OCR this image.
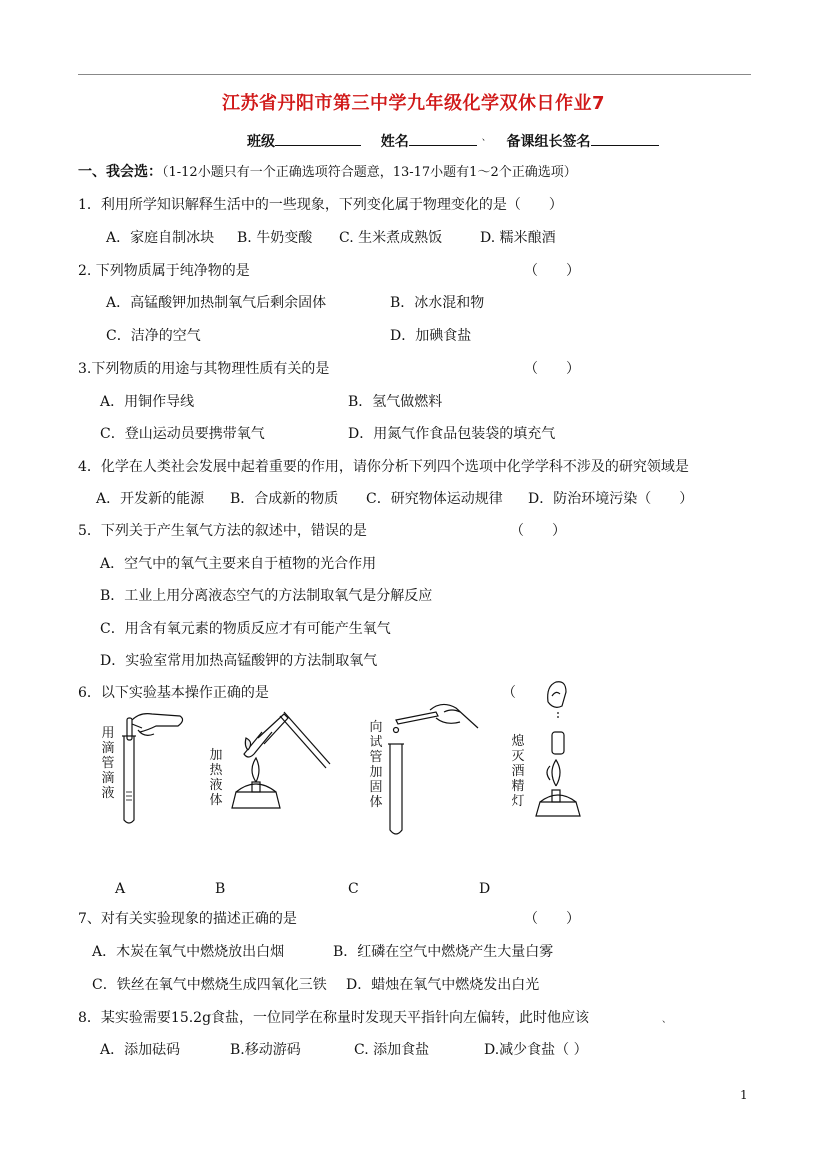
江苏省丹阳市第三中学九年级化学双休日作业7
班级	姓名	、 备课组长签名
一、我会选：（1-12小题只有一个正确选项符合题意，13-17小题有1～2个正确选项）
1．利用所学知识解释生活中的一些现象，下列变化属于物理变化的是（　　）
A．家庭自制冰块 B. 牛奶变酸 C. 生米煮成熟饭	D. 糯米酿酒
2. 下列物质属于纯净物的是	（　　）
A．高锰酸钾加热制氧气后剩余固体	B．冰水混和物
C．洁净的空气	D．加碘食盐
3.下列物质的用途与其物理性质有关的是	（　　）
A．用铜作导线	B．氢气做燃料
C．登山运动员要携带氧气	D．用氮气作食品包装袋的填充气
4．化学在人类社会发展中起着重要的作用，请你分析下列四个选项中化学学科不涉及的研究领域是
A．开发新的能源 B．合成新的物质 C．研究物体运动规律 D．防治环境污染（　　）
5．下列关于产生氧气方法的叙述中，错误的是	（　　）
A．空气中的氧气主要来自于植物的光合作用
B．工业上用分离液态空气的方法制取氧气是分解反应
C．用含有氧元素的物质反应才有可能产生氧气
D．实验室常用加热高锰酸钾的方法制取氧气
6．以下实验基本操作正确的是	（
用滴管滴液
加热液体
向试管加固体
熄灭酒精灯
A	B	C	D
7、对有关实验现象的描述正确的是	（　　）
A．木炭在氧气中燃烧放出白烟	B．红磷在空气中燃烧产生大量白雾
C．铁丝在氧气中燃烧生成四氧化三铁 D．蜡烛在氧气中燃烧发出白光
8．某实验需要15.2g食盐，一位同学在称量时发现天平指针向左偏转，此时他应该	、
A．添加砝码	B.移动游码	C. 添加食盐	D.减少食盐（ ）
1
